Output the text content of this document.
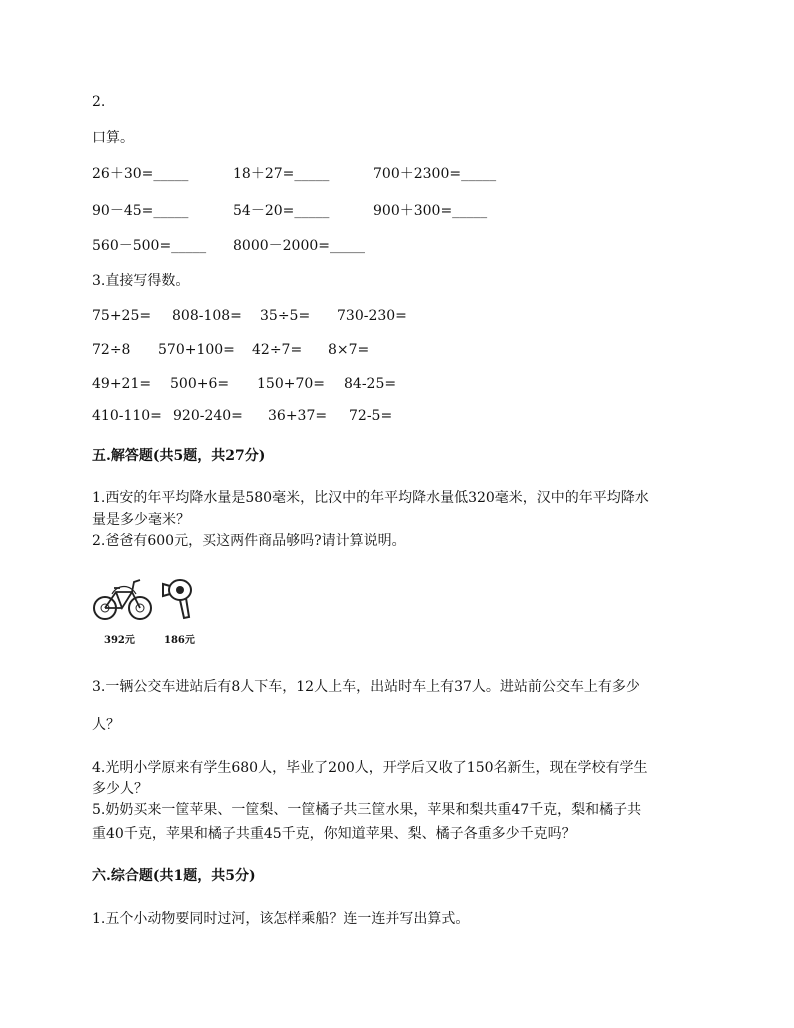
2.
口算。
26＋30=_____	18＋27=_____	700＋2300=_____
90－45=_____	54－20=_____	900＋300=_____
560－500=_____ 8000－2000=_____
3.直接写得数。
75+25= 808-108= 35÷5= 730-230=
72÷8 570+100= 42÷7= 8×7=
49+21= 500+6= 150+70= 84-25=
410-110= 920-240= 36+37= 72-5=
五.解答题(共5题，共27分)
1.西安的年平均降水量是580毫米，比汉中的年平均降水量低320毫米，汉中的年平均降水
量是多少毫米？
2.爸爸有600元，买这两件商品够吗?请计算说明。
392元	186元
3.一辆公交车进站后有8人下车，12人上车，出站时车上有37人。进站前公交车上有多少
人？
4.光明小学原来有学生680人，毕业了200人，开学后又收了150名新生，现在学校有学生
多少人？
5.奶奶买来一筐苹果、一筐梨、一筐橘子共三筐水果，苹果和梨共重47千克，梨和橘子共
重40千克，苹果和橘子共重45千克，你知道苹果、梨、橘子各重多少千克吗？
六.综合题(共1题，共5分)
1.五个小动物要同时过河，该怎样乘船？连一连并写出算式。
